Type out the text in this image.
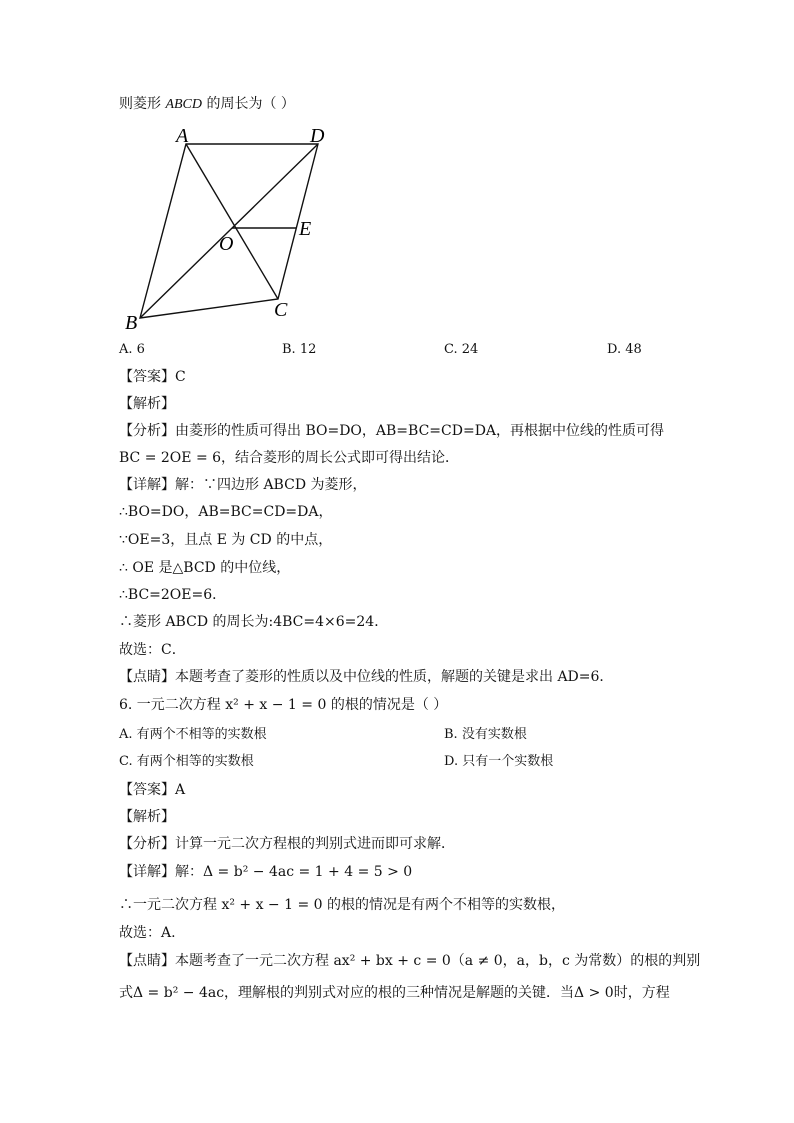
则菱形 ABCD 的周长为（ ）
A	D
E
O
C
B
A. 6	B. 12	C. 24	D. 48
【答案】C
【解析】
【分析】由菱形的性质可得出 BO=DO，AB=BC=CD=DA，再根据中位线的性质可得
BC = 2OE = 6，结合菱形的周长公式即可得出结论．
【详解】解：∵四边形 ABCD 为菱形，
∴BO=DO，AB=BC=CD=DA，
∵OE=3，且点 E 为 CD 的中点，
∴ OE 是△BCD 的中位线，
∴BC=2OE=6．
∴菱形 ABCD 的周长为:4BC=4×6=24．
故选：C．
【点睛】本题考查了菱形的性质以及中位线的性质，解题的关键是求出 AD=6．
6. 一元二次方程 x² + x − 1 = 0 的根的情况是（ ）
A. 有两个不相等的实数根	B. 没有实数根
C. 有两个相等的实数根	D. 只有一个实数根
【答案】A
【解析】
【分析】计算一元二次方程根的判别式进而即可求解．
【详解】解：Δ = b² − 4ac = 1 + 4 = 5 > 0
∴一元二次方程 x² + x − 1 = 0 的根的情况是有两个不相等的实数根，
故选：A.
【点睛】本题考查了一元二次方程 ax² + bx + c = 0（a ≠ 0，a，b，c 为常数）的根的判别
式Δ = b² − 4ac，理解根的判别式对应的根的三种情况是解题的关键．当Δ > 0时，方程
